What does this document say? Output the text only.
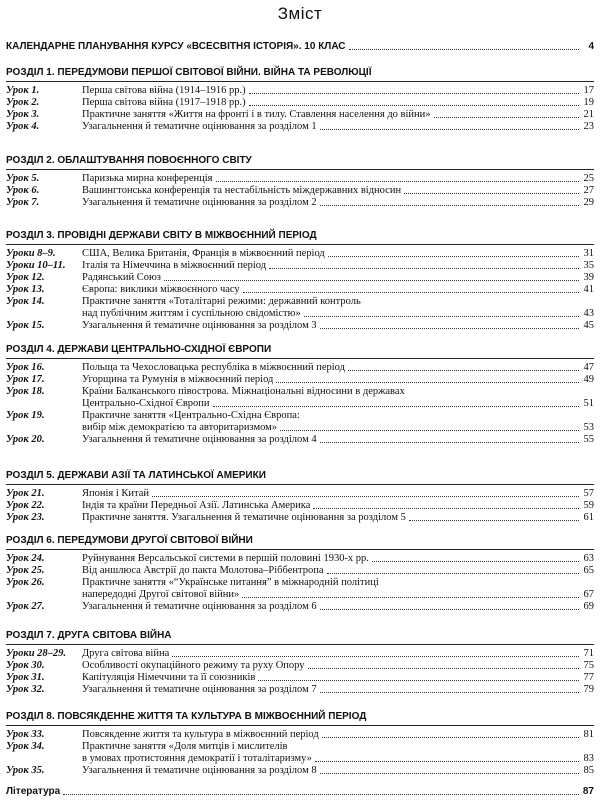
Зміст
КАЛЕНДАРНЕ ПЛАНУВАННЯ КУРСУ «ВСЕСВІТНЯ ІСТОРІЯ». 10 КЛАС	4
РОЗДІЛ 1. ПЕРЕДУМОВИ ПЕРШОЇ СВІТОВОЇ ВІЙНИ. ВІЙНА ТА РЕВОЛЮЦІЇ
Урок 1.	Перша світова війна (1914–1916 рр.)	17
Урок 2.	Перша світова війна (1917–1918 рр.)	19
Урок 3.	Практичне заняття «Життя на фронті і в тилу. Ставлення населення до війни»	21
Урок 4.	Узагальнення й тематичне оцінювання за розділом 1	23
РОЗДІЛ 2. ОБЛАШТУВАННЯ ПОВОЄННОГО СВІТУ
Урок 5.	Паризька мирна конференція	25
Урок 6.	Вашингтонська конференція та нестабільність міждержавних відносин	27
Урок 7.	Узагальнення й тематичне оцінювання за розділом 2	29
РОЗДІЛ 3. ПРОВІДНІ ДЕРЖАВИ СВІТУ В МІЖВОЄННИЙ ПЕРІОД
Уроки 8–9.	США, Велика Британія, Франція в міжвоєнний період	31
Уроки 10–11.	Італія та Німеччина в міжвоєнний період	35
Урок 12.	Радянський Союз	39
Урок 13.	Європа: виклики міжвоєнного часу	41
Урок 14.	Практичне заняття «Тоталітарні режими: державний контроль
над публічним життям і суспільною свідомістю»	43
Урок 15.	Узагальнення й тематичне оцінювання за розділом 3	45
РОЗДІЛ 4. ДЕРЖАВИ ЦЕНТРАЛЬНО-СХІДНОЇ ЄВРОПИ
Урок 16.	Польща та Чехословацька республіка в міжвоєнний період	47
Урок 17.	Угорщина та Румунія в міжвоєнний період	49
Урок 18.	Країни Балканського півострова. Міжнаціональні відносини в державах
Центрально-Східної Європи	51
Урок 19.	Практичне заняття «Центрально-Східна Європа:
вибір між демократією та авторитаризмом»	53
Урок 20.	Узагальнення й тематичне оцінювання за розділом 4	55
РОЗДІЛ 5. ДЕРЖАВИ АЗІЇ ТА ЛАТИНСЬКОЇ АМЕРИКИ
Урок 21.	Японія і Китай	57
Урок 22.	Індія та країни Передньої Азії. Латинська Америка	59
Урок 23.	Практичне заняття. Узагальнення й тематичне оцінювання за розділом 5	61
РОЗДІЛ 6. ПЕРЕДУМОВИ ДРУГОЇ СВІТОВОЇ ВІЙНИ
Урок 24.	Руйнування Версальської системи в першій половині 1930-х рр.	63
Урок 25.	Від аншлюса Австрії до пакта Молотова–Ріббентропа	65
Урок 26.	Практичне заняття «“Українське питання” в міжнародній політиці
напередодні Другої світової війни»	67
Урок 27.	Узагальнення й тематичне оцінювання за розділом 6	69
РОЗДІЛ 7. ДРУГА СВІТОВА ВІЙНА
Уроки 28–29.	Друга світова війна	71
Урок 30.	Особливості окупаційного режиму та руху Опору	75
Урок 31.	Капітуляція Німеччини та її союзників	77
Урок 32.	Узагальнення й тематичне оцінювання за розділом 7	79
РОЗДІЛ 8. ПОВСЯКДЕННЕ ЖИТТЯ ТА КУЛЬТУРА В МІЖВОЄННИЙ ПЕРІОД
Урок 33.	Повсякденне життя та культура в міжвоєнний період	81
Урок 34.	Практичне заняття «Доля митців і мислителів
в умовах протистояння демократії і тоталітаризму»	83
Урок 35.	Узагальнення й тематичне оцінювання за розділом 8	85
Література	87
